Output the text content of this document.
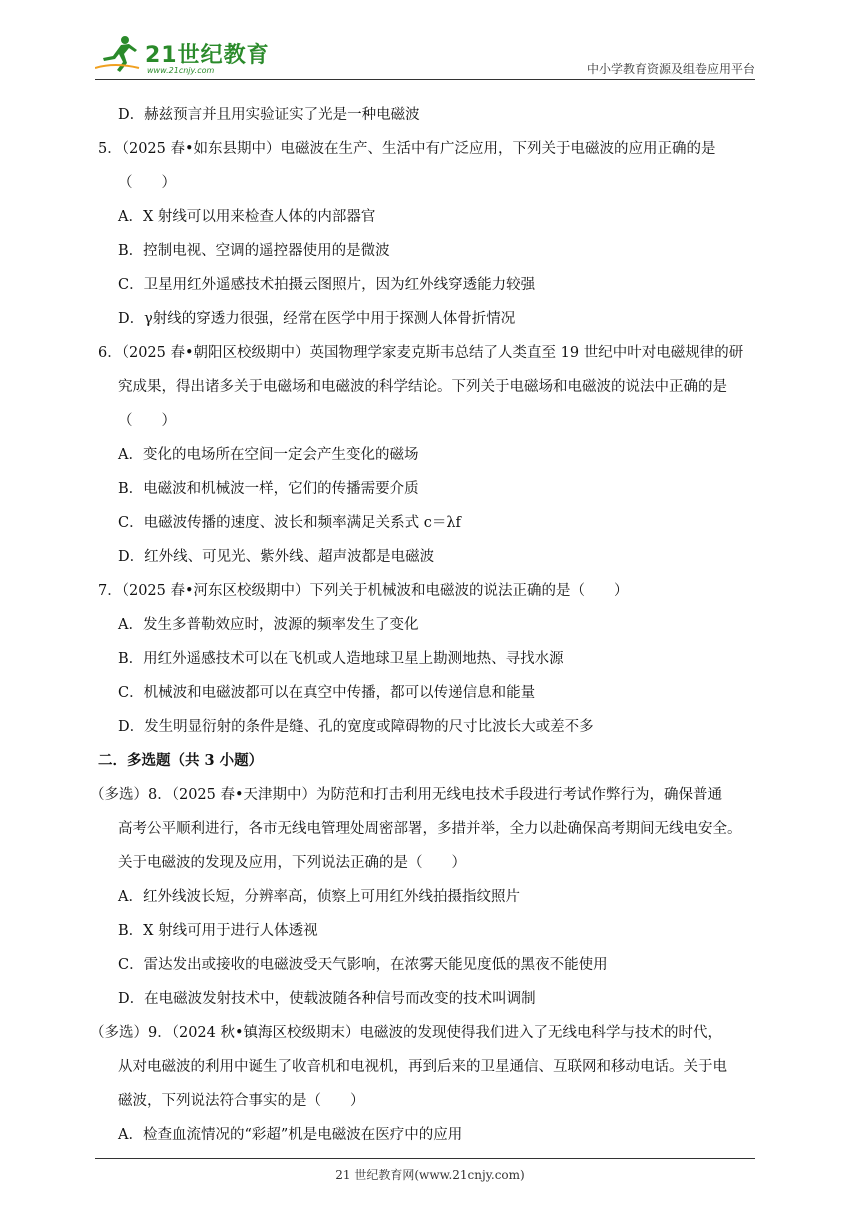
21世纪教育
www.21cnjy.com	中小学教育资源及组卷应用平台
D．赫兹预言并且用实验证实了光是一种电磁波
5．（2025 春•如东县期中）电磁波在生产、生活中有广泛应用，下列关于电磁波的应用正确的是
（　　）
A．X 射线可以用来检查人体的内部器官
B．控制电视、空调的遥控器使用的是微波
C．卫星用红外遥感技术拍摄云图照片，因为红外线穿透能力较强
D．γ射线的穿透力很强，经常在医学中用于探测人体骨折情况
6．（2025 春•朝阳区校级期中）英国物理学家麦克斯韦总结了人类直至 19 世纪中叶对电磁规律的研
究成果，得出诸多关于电磁场和电磁波的科学结论。下列关于电磁场和电磁波的说法中正确的是
（　　）
A．变化的电场所在空间一定会产生变化的磁场
B．电磁波和机械波一样，它们的传播需要介质
C．电磁波传播的速度、波长和频率满足关系式 c＝λf
D．红外线、可见光、紫外线、超声波都是电磁波
7．（2025 春•河东区校级期中）下列关于机械波和电磁波的说法正确的是（　　）
A．发生多普勒效应时，波源的频率发生了变化
B．用红外遥感技术可以在飞机或人造地球卫星上勘测地热、寻找水源
C．机械波和电磁波都可以在真空中传播，都可以传递信息和能量
D．发生明显衍射的条件是缝、孔的宽度或障碍物的尺寸比波长大或差不多
二．多选题（共 3 小题）
（多选）8．（2025 春•天津期中）为防范和打击利用无线电技术手段进行考试作弊行为，确保普通
高考公平顺利进行，各市无线电管理处周密部署，多措并举，全力以赴确保高考期间无线电安全。
关于电磁波的发现及应用，下列说法正确的是（　　）
A．红外线波长短，分辨率高，侦察上可用红外线拍摄指纹照片
B．X 射线可用于进行人体透视
C．雷达发出或接收的电磁波受天气影响，在浓雾天能见度低的黑夜不能使用
D．在电磁波发射技术中，使载波随各种信号而改变的技术叫调制
（多选）9．（2024 秋•镇海区校级期末）电磁波的发现使得我们进入了无线电科学与技术的时代，
从对电磁波的利用中诞生了收音机和电视机，再到后来的卫星通信、互联网和移动电话。关于电
磁波，下列说法符合事实的是（　　）
A．检查血流情况的“彩超”机是电磁波在医疗中的应用
21 世纪教育网(www.21cnjy.com)
